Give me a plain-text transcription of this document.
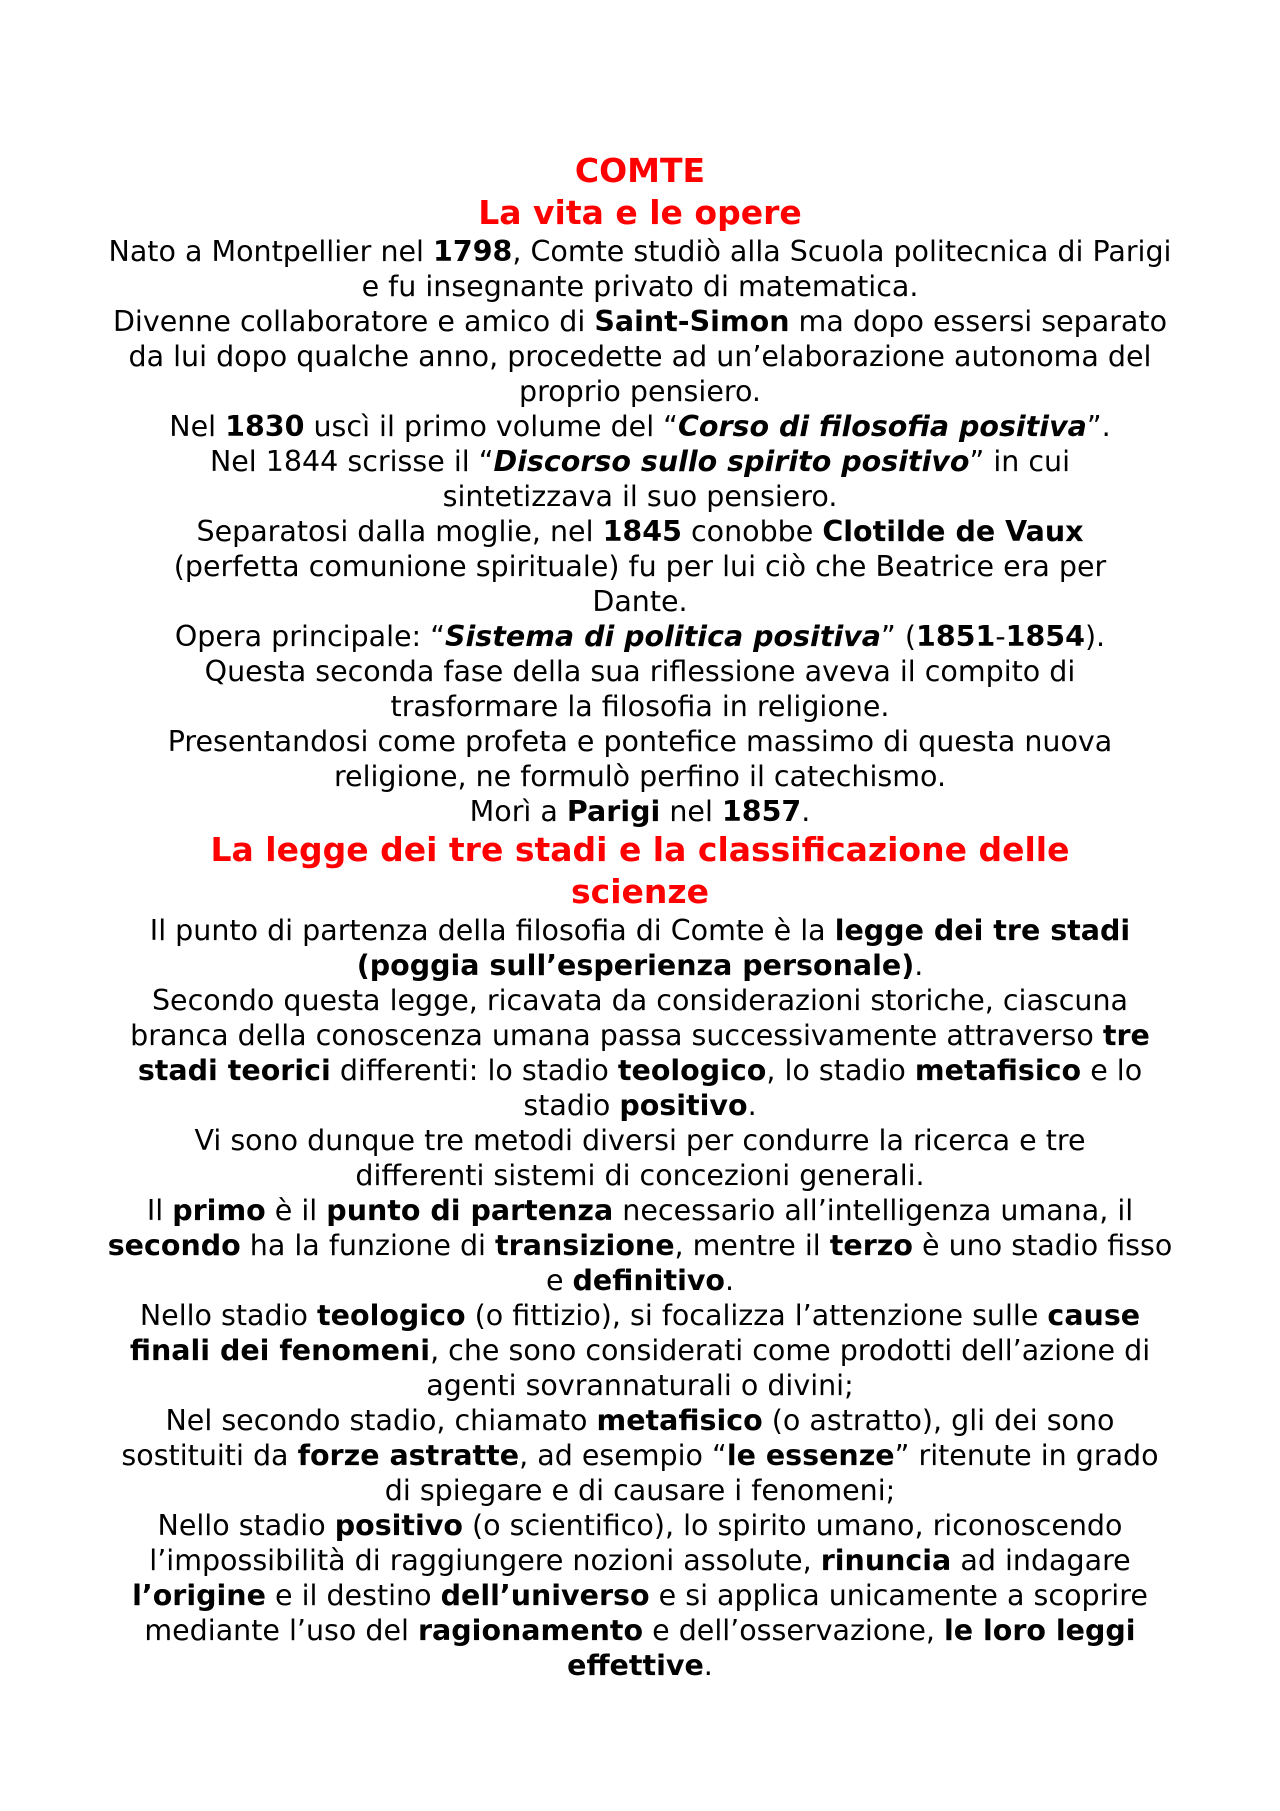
COMTE
La vita e le opere
Nato a Montpellier nel 1798, Comte studiò alla Scuola politecnica di Parigi e fu insegnante privato di matematica.
Divenne collaboratore e amico di Saint-Simon ma dopo essersi separato da lui dopo qualche anno, procedette ad un’elaborazione autonoma del proprio pensiero.
Nel 1830 uscì il primo volume del “Corso di filosofia positiva”.
Nel 1844 scrisse il “Discorso sullo spirito positivo” in cui sintetizzava il suo pensiero.
Separatosi dalla moglie, nel 1845 conobbe Clotilde de Vaux (perfetta comunione spirituale) fu per lui ciò che Beatrice era per Dante.
Opera principale: “Sistema di politica positiva” (1851-1854).
Questa seconda fase della sua riflessione aveva il compito di trasformare la filosofia in religione.
Presentandosi come profeta e pontefice massimo di questa nuova religione, ne formulò perfino il catechismo.
Morì a Parigi nel 1857.
La legge dei tre stadi e la classificazione delle scienze
Il punto di partenza della filosofia di Comte è la legge dei tre stadi (poggia sull’esperienza personale).
Secondo questa legge, ricavata da considerazioni storiche, ciascuna branca della conoscenza umana passa successivamente attraverso tre stadi teorici differenti: lo stadio teologico, lo stadio metafisico e lo stadio positivo.
Vi sono dunque tre metodi diversi per condurre la ricerca e tre differenti sistemi di concezioni generali.
Il primo è il punto di partenza necessario all’intelligenza umana, il secondo ha la funzione di transizione, mentre il terzo è uno stadio fisso e definitivo.
Nello stadio teologico (o fittizio), si focalizza l’attenzione sulle cause finali dei fenomeni, che sono considerati come prodotti dell’azione di agenti sovrannaturali o divini;
Nel secondo stadio, chiamato metafisico (o astratto), gli dei sono sostituiti da forze astratte, ad esempio “le essenze” ritenute in grado di spiegare e di causare i fenomeni;
Nello stadio positivo (o scientifico), lo spirito umano, riconoscendo l’impossibilità di raggiungere nozioni assolute, rinuncia ad indagare l’origine e il destino dell’universo e si applica unicamente a scoprire mediante l’uso del ragionamento e dell’osservazione, le loro leggi effettive.
